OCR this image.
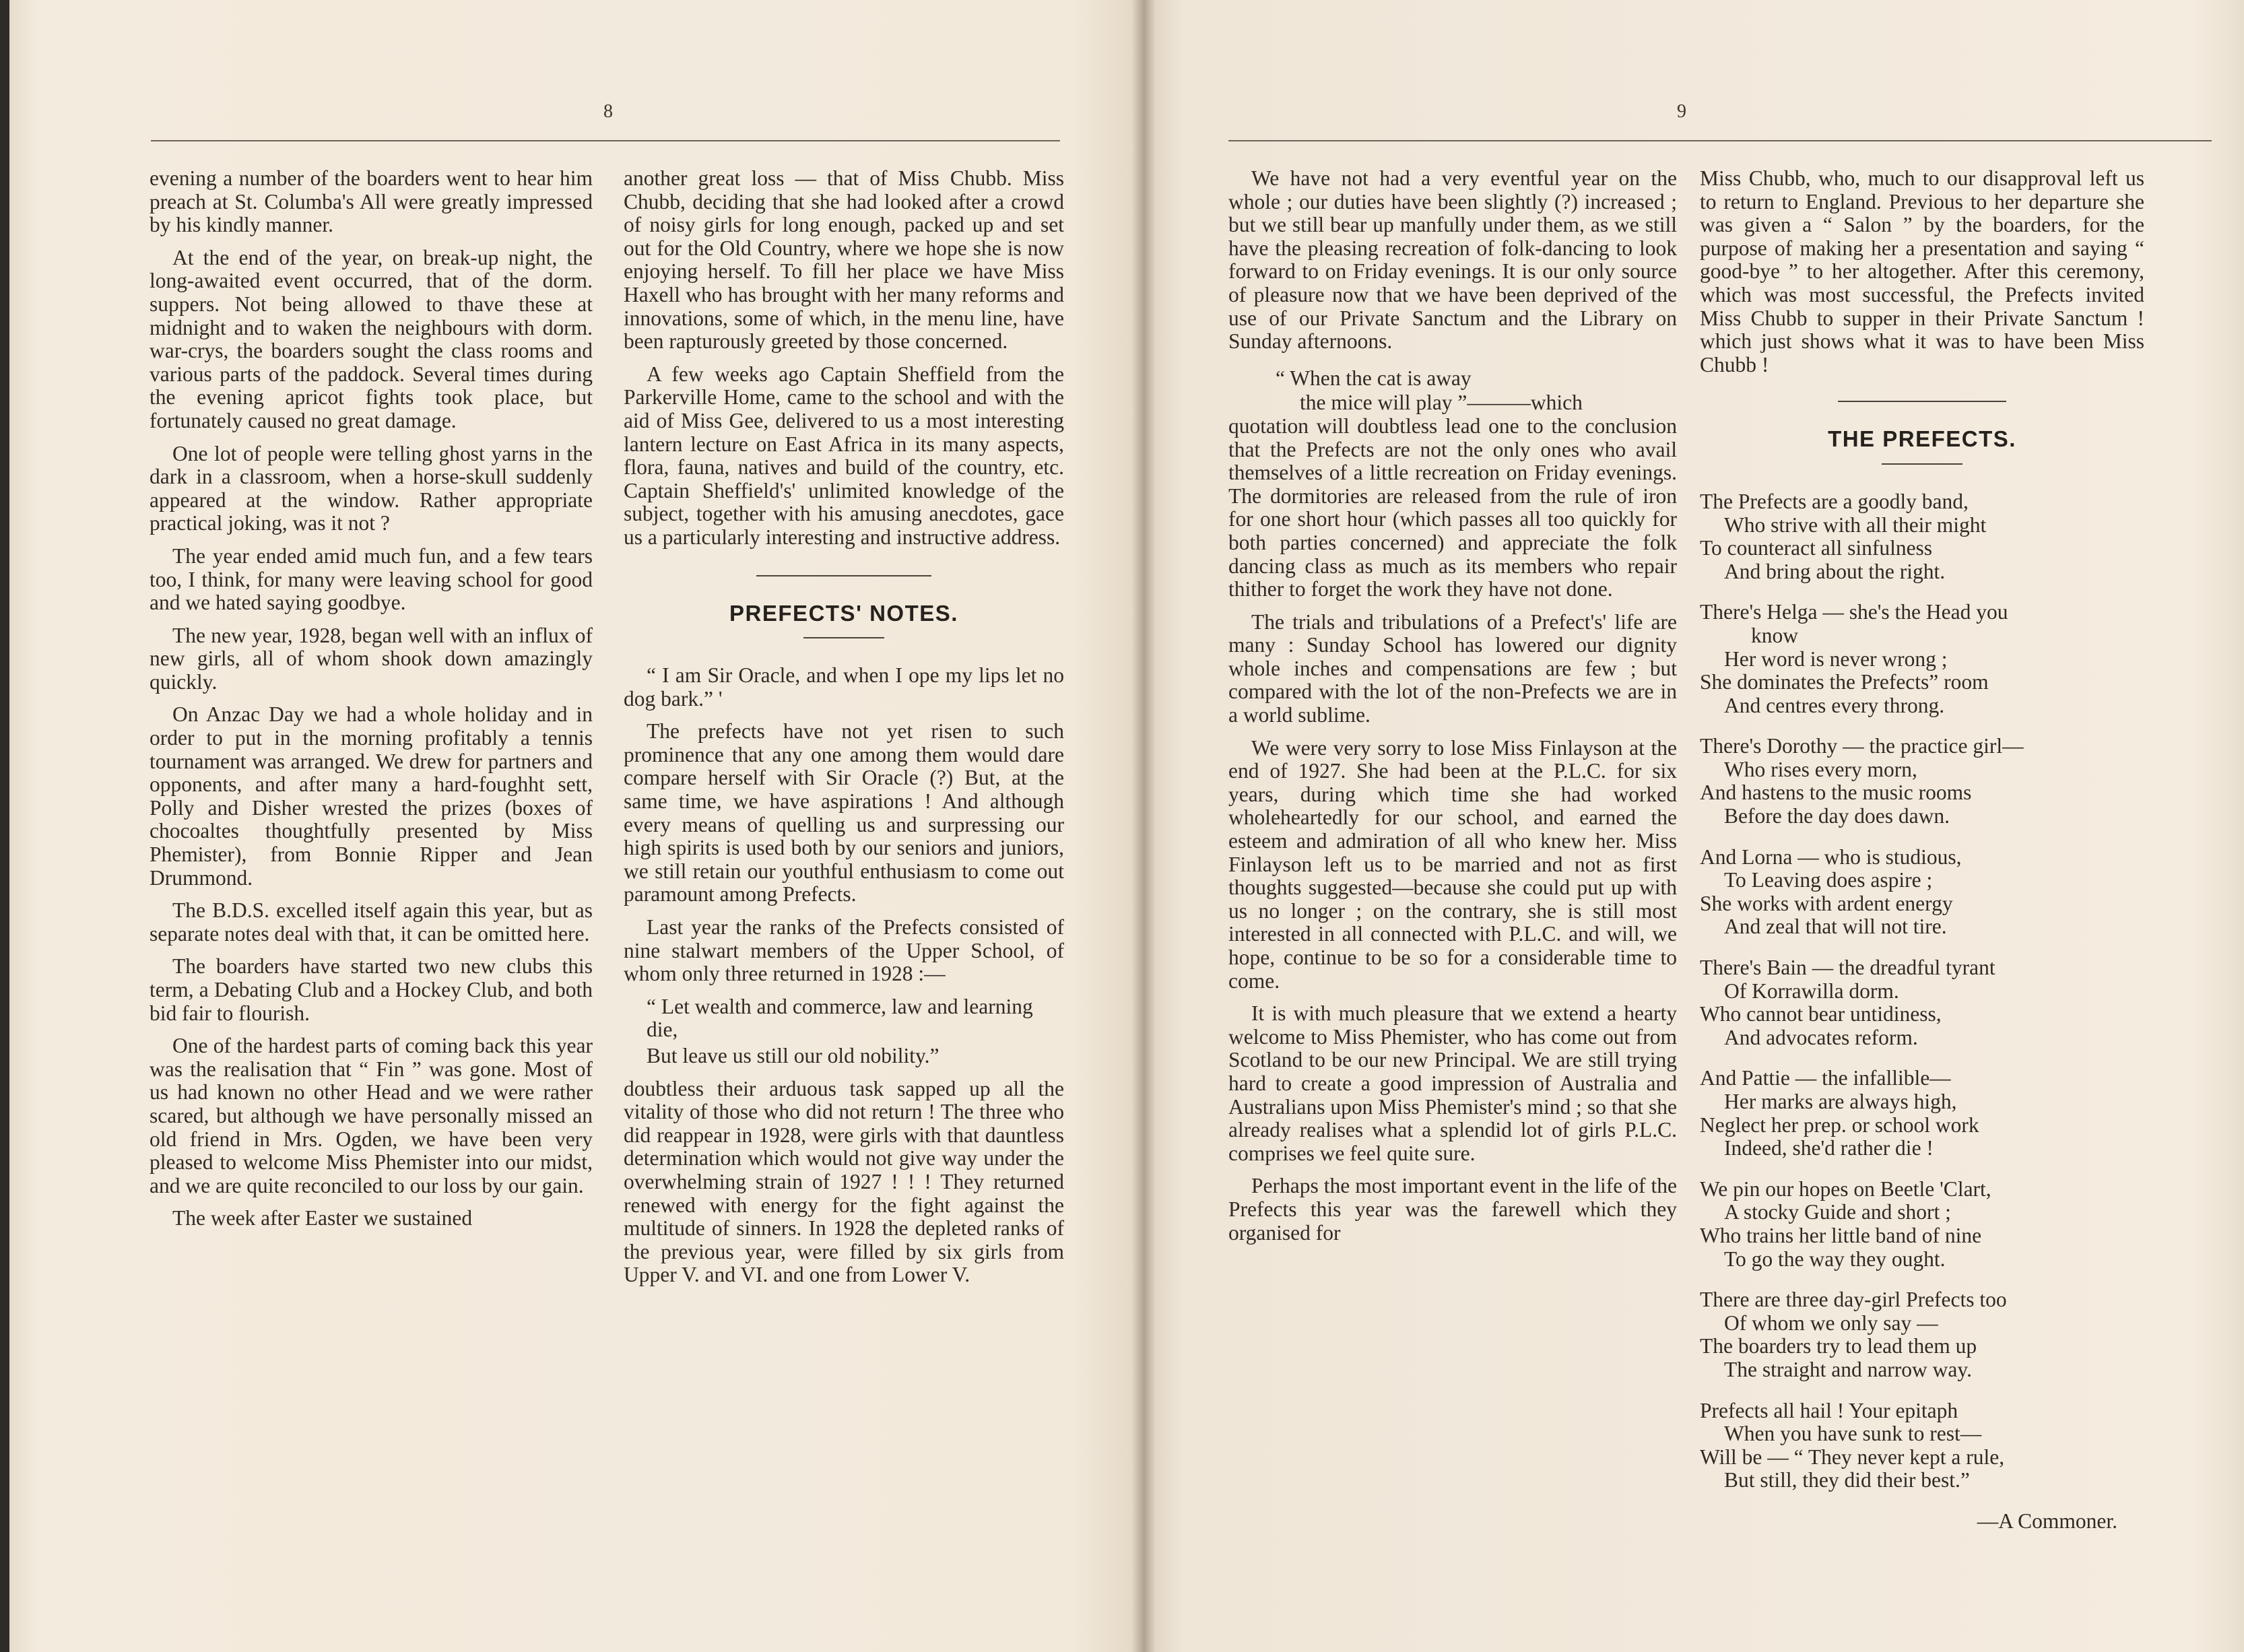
8

evening a number of the boarders went to hear him preach at St. Columba's All were greatly impressed by his kindly manner.

At the end of the year, on break-up night, the long-awaited event occurred, that of the dorm. suppers. Not being allowed to thave these at midnight and to waken the neighbours with dorm. war-crys, the boarders sought the class rooms and various parts of the paddock. Several times during the evening apricot fights took place, but fortunately caused no great damage.

One lot of people were telling ghost yarns in the dark in a classroom, when a horse-skull suddenly appeared at the window. Rather appropriate practical joking, was it not ?

The year ended amid much fun, and a few tears too, I think, for many were leaving school for good and we hated saying goodbye.

The new year, 1928, began well with an influx of new girls, all of whom shook down amazingly quickly.

On Anzac Day we had a whole holiday and in order to put in the morning profitably a tennis tournament was arranged. We drew for partners and opponents, and after many a hard-foughht sett, Polly and Disher wrested the prizes (boxes of chocoaltes thoughtfully presented by Miss Phemister), from Bonnie Ripper and Jean Drummond.

The B.D.S. excelled itself again this year, but as separate notes deal with that, it can be omitted here.

The boarders have started two new clubs this term, a Debating Club and a Hockey Club, and both bid fair to flourish.

One of the hardest parts of coming back this year was the realisation that “ Fin ” was gone. Most of us had known no other Head and we were rather scared, but although we have personally missed an old friend in Mrs. Ogden, we have been very pleased to welcome Miss Phemister into our midst, and we are quite reconciled to our loss by our gain.

The week after Easter we sustained

another great loss — that of Miss Chubb. Miss Chubb, deciding that she had looked after a crowd of noisy girls for long enough, packed up and set out for the Old Country, where we hope she is now enjoying herself. To fill her place we have Miss Haxell who has brought with her many reforms and innovations, some of which, in the menu line, have been rapturously greeted by those concerned.

A few weeks ago Captain Sheffield from the Parkerville Home, came to the school and with the aid of Miss Gee, delivered to us a most interesting lantern lecture on East Africa in its many aspects, flora, fauna, natives and build of the country, etc. Captain Sheffield's' unlimited knowledge of the subject, together with his amusing anecdotes, gace us a particularly interesting and instructive address.

PREFECTS' NOTES.

“ I am Sir Oracle, and when I ope my lips let no dog bark.” '

The prefects have not yet risen to such prominence that any one among them would dare compare herself with Sir Oracle (?) But, at the same time, we have aspirations ! And although every means of quelling us and surpressing our high spirits is used both by our seniors and juniors, we still retain our youthful enthusiasm to come out paramount among Prefects.

Last year the ranks of the Prefects consisted of nine stalwart members of the Upper School, of whom only three returned in 1928 :—

“ Let wealth and commerce, law and learning die,

But leave us still our old nobility.”

doubtless their arduous task sapped up all the vitality of those who did not return ! The three who did reappear in 1928, were girls with that dauntless determination which would not give way under the overwhelming strain of 1927 ! ! ! They returned renewed with energy for the fight against the multitude of sinners. In 1928 the depleted ranks of the previous year, were filled by six girls from Upper V. and VI. and one from Lower V.

9

We have not had a very eventful year on the whole ; our duties have been slightly (?) increased ; but we still bear up manfully under them, as we still have the pleasing recreation of folk-dancing to look forward to on Friday evenings. It is our only source of pleasure now that we have been deprived of the use of our Private Sanctum and the Library on Sunday afternoons.

“ When the cat is away

the mice will play ”———which

quotation will doubtless lead one to the conclusion that the Prefects are not the only ones who avail themselves of a little recreation on Friday evenings. The dormitories are released from the rule of iron for one short hour (which passes all too quickly for both parties concerned) and appreciate the folk dancing class as much as its members who repair thither to forget the work they have not done.

The trials and tribulations of a Prefect's' life are many : Sunday School has lowered our dignity whole inches and compensations are few ; but compared with the lot of the non-Prefects we are in a world sublime.

We were very sorry to lose Miss Finlayson at the end of 1927. She had been at the P.L.C. for six years, during which time she had worked wholeheartedly for our school, and earned the esteem and admiration of all who knew her. Miss Finlayson left us to be married and not as first thoughts suggested—because she could put up with us no longer ; on the contrary, she is still most interested in all connected with P.L.C. and will, we hope, continue to be so for a considerable time to come.

It is with much pleasure that we extend a hearty welcome to Miss Phemister, who has come out from Scotland to be our new Principal. We are still trying hard to create a good impression of Australia and Australians upon Miss Phemister's mind ; so that she already realises what a splendid lot of girls P.L.C. comprises we feel quite sure.

Perhaps the most important event in the life of the Prefects this year was the farewell which they organised for

Miss Chubb, who, much to our disapproval left us to return to England. Previous to her departure she was given a “ Salon ” by the boarders, for the purpose of making her a presentation and saying “ good-bye ” to her altogether. After this ceremony, which was most successful, the Prefects invited Miss Chubb to supper in their Private Sanctum ! which just shows what it was to have been Miss Chubb !

THE PREFECTS.
The Prefects are a goodly band,
Who strive with all their might
To counteract all sinfulness
And bring about the right.
There's Helga — she's the Head you
know
Her word is never wrong ;
She dominates the Prefects” room
And centres every throng.
There's Dorothy — the practice girl—
Who rises every morn,
And hastens to the music rooms
Before the day does dawn.
And Lorna — who is studious,
To Leaving does aspire ;
She works with ardent energy
And zeal that will not tire.
There's Bain — the dreadful tyrant
Of Korrawilla dorm.
Who cannot bear untidiness,
And advocates reform.
And Pattie — the infallible—
Her marks are always high,
Neglect her prep. or school work
Indeed, she'd rather die !
We pin our hopes on Beetle 'Clart,
A stocky Guide and short ;
Who trains her little band of nine
To go the way they ought.
There are three day-girl Prefects too
Of whom we only say —
The boarders try to lead them up
The straight and narrow way.
Prefects all hail ! Your epitaph
When you have sunk to rest—
Will be — “ They never kept a rule,
But still, they did their best.”
—A Commoner.
